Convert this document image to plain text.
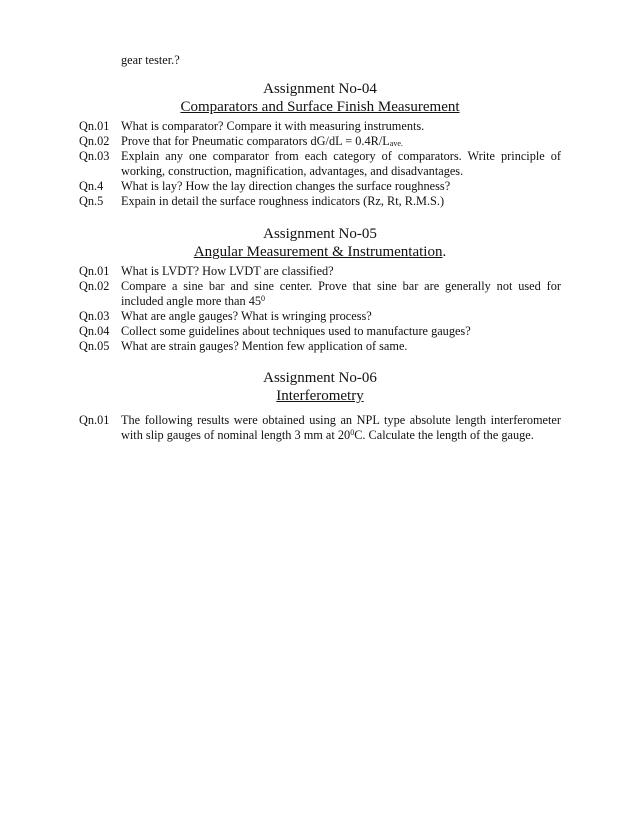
gear tester.?
Assignment No-04
Comparators and Surface Finish Measurement
Qn.01 What is comparator? Compare it with measuring instruments.
Qn.02 Prove that for Pneumatic comparators $dG/dL = 0.4R/L_{ave.}$
Qn.03 Explain any one comparator from each category of comparators. Write principle of working, construction, magnification, advantages, and disadvantages.
Qn.4	What is lay? How the lay direction changes the surface roughness?
Qn.5	Expain in detail the surface roughness indicators (Rz, Rt, R.M.S.)
Assignment No-05
Angular Measurement & Instrumentation.
Qn.01 What is LVDT? How LVDT are classified?
Qn.02 Compare a sine bar and sine center. Prove that sine bar are generally not used for included angle more than $45^0$
Qn.03 What are angle gauges? What is wringing process?
Qn.04 Collect some guidelines about techniques used to manufacture gauges?
Qn.05 What are strain gauges? Mention few application of same.
Assignment No-06
Interferometry
Qn.01 The following results were obtained using an NPL type absolute length interferometer with slip gauges of nominal length 3 mm at $20^0C$. Calculate the length of the gauge.
